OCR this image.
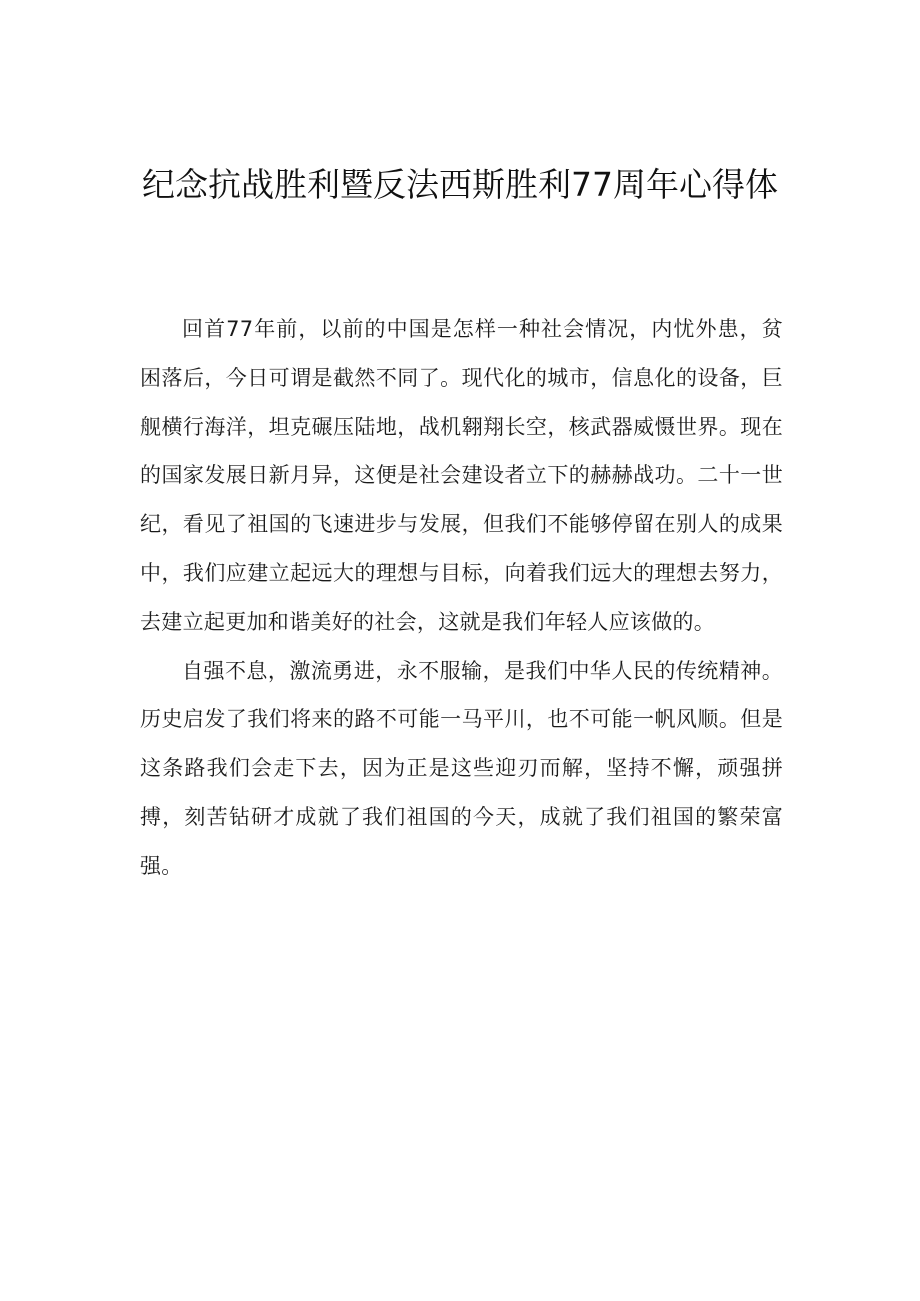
纪念抗战胜利暨反法西斯胜利77周年心得体

回首77年前，以前的中国是怎样一种社会情况，内忧外患，贫困落后，今日可谓是截然不同了。现代化的城市，信息化的设备，巨舰横行海洋，坦克碾压陆地，战机翱翔长空，核武器威慑世界。现在的国家发展日新月异，这便是社会建设者立下的赫赫战功。二十一世纪，看见了祖国的飞速进步与发展，但我们不能够停留在别人的成果中，我们应建立起远大的理想与目标，向着我们远大的理想去努力，去建立起更加和谐美好的社会，这就是我们年轻人应该做的。

自强不息，激流勇进，永不服输，是我们中华人民的传统精神。历史启发了我们将来的路不可能一马平川，也不可能一帆风顺。但是这条路我们会走下去，因为正是这些迎刃而解，坚持不懈，顽强拼搏，刻苦钻研才成就了我们祖国的今天，成就了我们祖国的繁荣富强。
